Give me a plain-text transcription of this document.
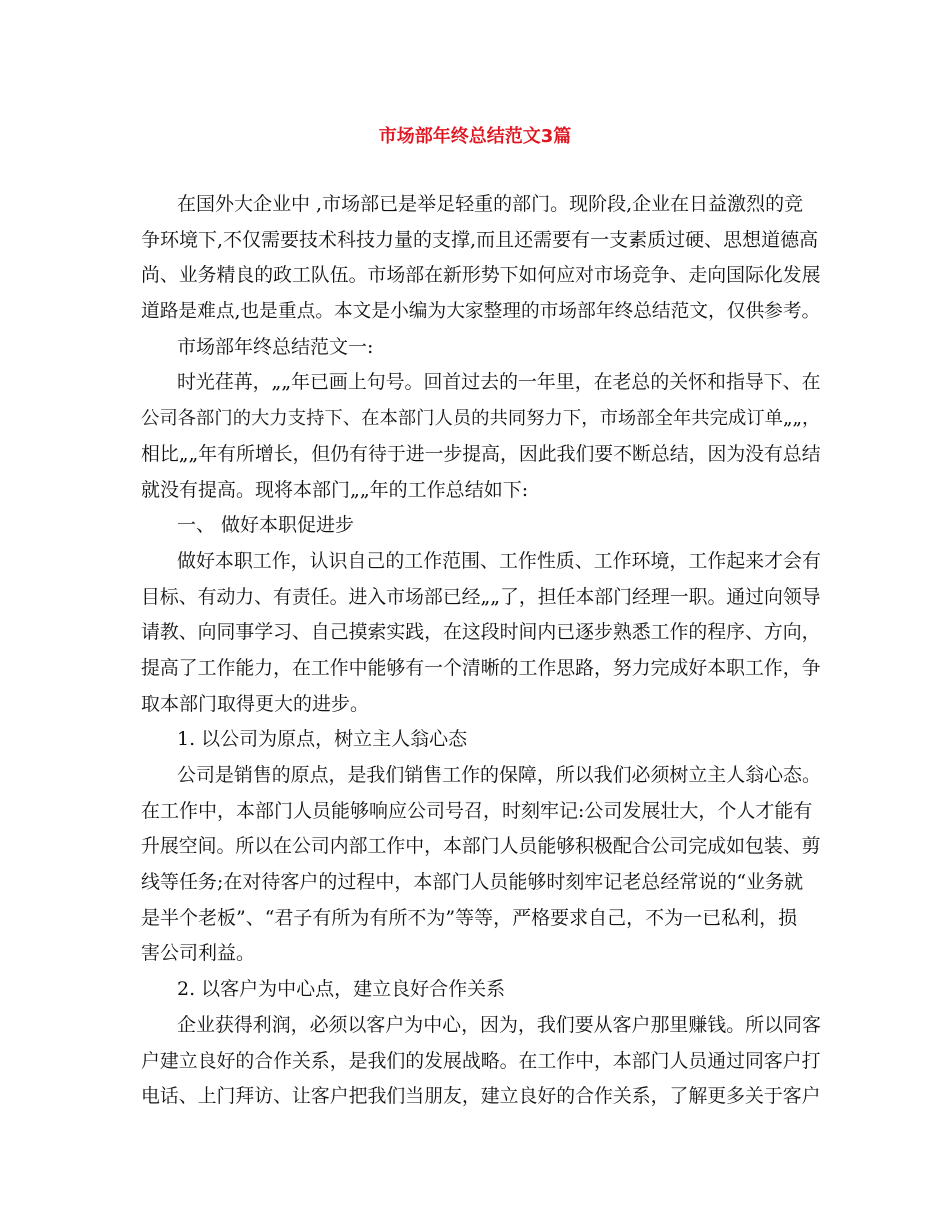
市场部年终总结范文3篇
在国外大企业中 ,市场部已是举足轻重的部门。现阶段,企业在日益激烈的竞
争环境下,不仅需要技术科技力量的支撑,而且还需要有一支素质过硬、思想道德高
尚、业务精良的政工队伍。市场部在新形势下如何应对市场竞争、走向国际化发展
道路是难点,也是重点。本文是小编为大家整理的市场部年终总结范文，仅供参考。
市场部年终总结范文一:
时光荏苒，„„年已画上句号。回首过去的一年里，在老总的关怀和指导下、在
公司各部门的大力支持下、在本部门人员的共同努力下，市场部全年共完成订单„„，
相比„„年有所增长，但仍有待于进一步提高，因此我们要不断总结，因为没有总结
就没有提高。现将本部门„„年的工作总结如下:
一、 做好本职促进步
做好本职工作，认识自己的工作范围、工作性质、工作环境，工作起来才会有
目标、有动力、有责任。进入市场部已经„„了，担任本部门经理一职。通过向领导
请教、向同事学习、自己摸索实践，在这段时间内已逐步熟悉工作的程序、方向，
提高了工作能力，在工作中能够有一个清晰的工作思路，努力完成好本职工作，争
取本部门取得更大的进步。
1. 以公司为原点，树立主人翁心态
公司是销售的原点，是我们销售工作的保障，所以我们必须树立主人翁心态。
在工作中，本部门人员能够响应公司号召，时刻牢记:公司发展壮大，个人才能有
升展空间。所以在公司内部工作中，本部门人员能够积极配合公司完成如包装、剪
线等任务;在对待客户的过程中，本部门人员能够时刻牢记老总经常说的“业务就
是半个老板”、“君子有所为有所不为”等等，严格要求自己，不为一已私利，损
害公司利益。
2. 以客户为中心点，建立良好合作关系
企业获得利润，必须以客户为中心，因为，我们要从客户那里赚钱。所以同客
户建立良好的合作关系，是我们的发展战略。在工作中，本部门人员通过同客户打
电话、上门拜访、让客户把我们当朋友，建立良好的合作关系，了解更多关于客户
